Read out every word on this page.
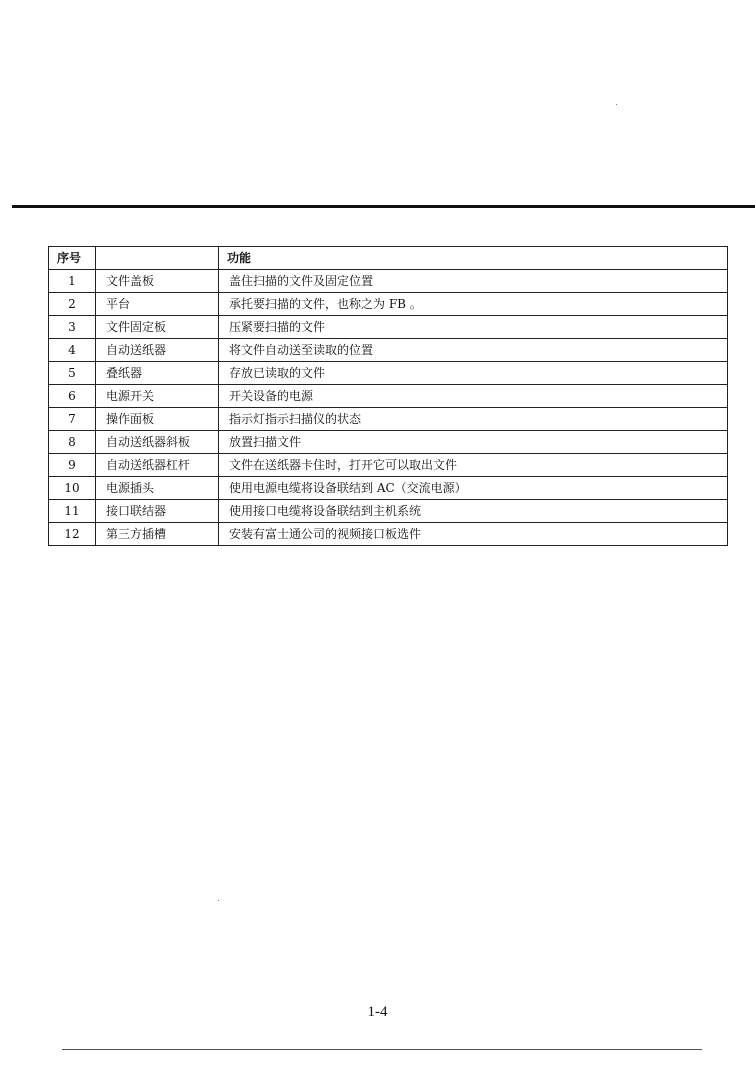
序号		功能
1	文件盖板	盖住扫描的文件及固定位置
2	平台	承托要扫描的文件，也称之为 FB 。
3	文件固定板	压紧要扫描的文件
4	自动送纸器	将文件自动送至读取的位置
5	叠纸器	存放已读取的文件
6	电源开关	开关设备的电源
7	操作面板	指示灯指示扫描仪的状态
8	自动送纸器斜板	放置扫描文件
9	自动送纸器杠杆	文件在送纸器卡住时，打开它可以取出文件
10	电源插头	使用电源电缆将设备联结到 AC（交流电源）
11	接口联结器	使用接口电缆将设备联结到主机系统
12	第三方插槽	安装有富士通公司的视频接口板选件
1-4
